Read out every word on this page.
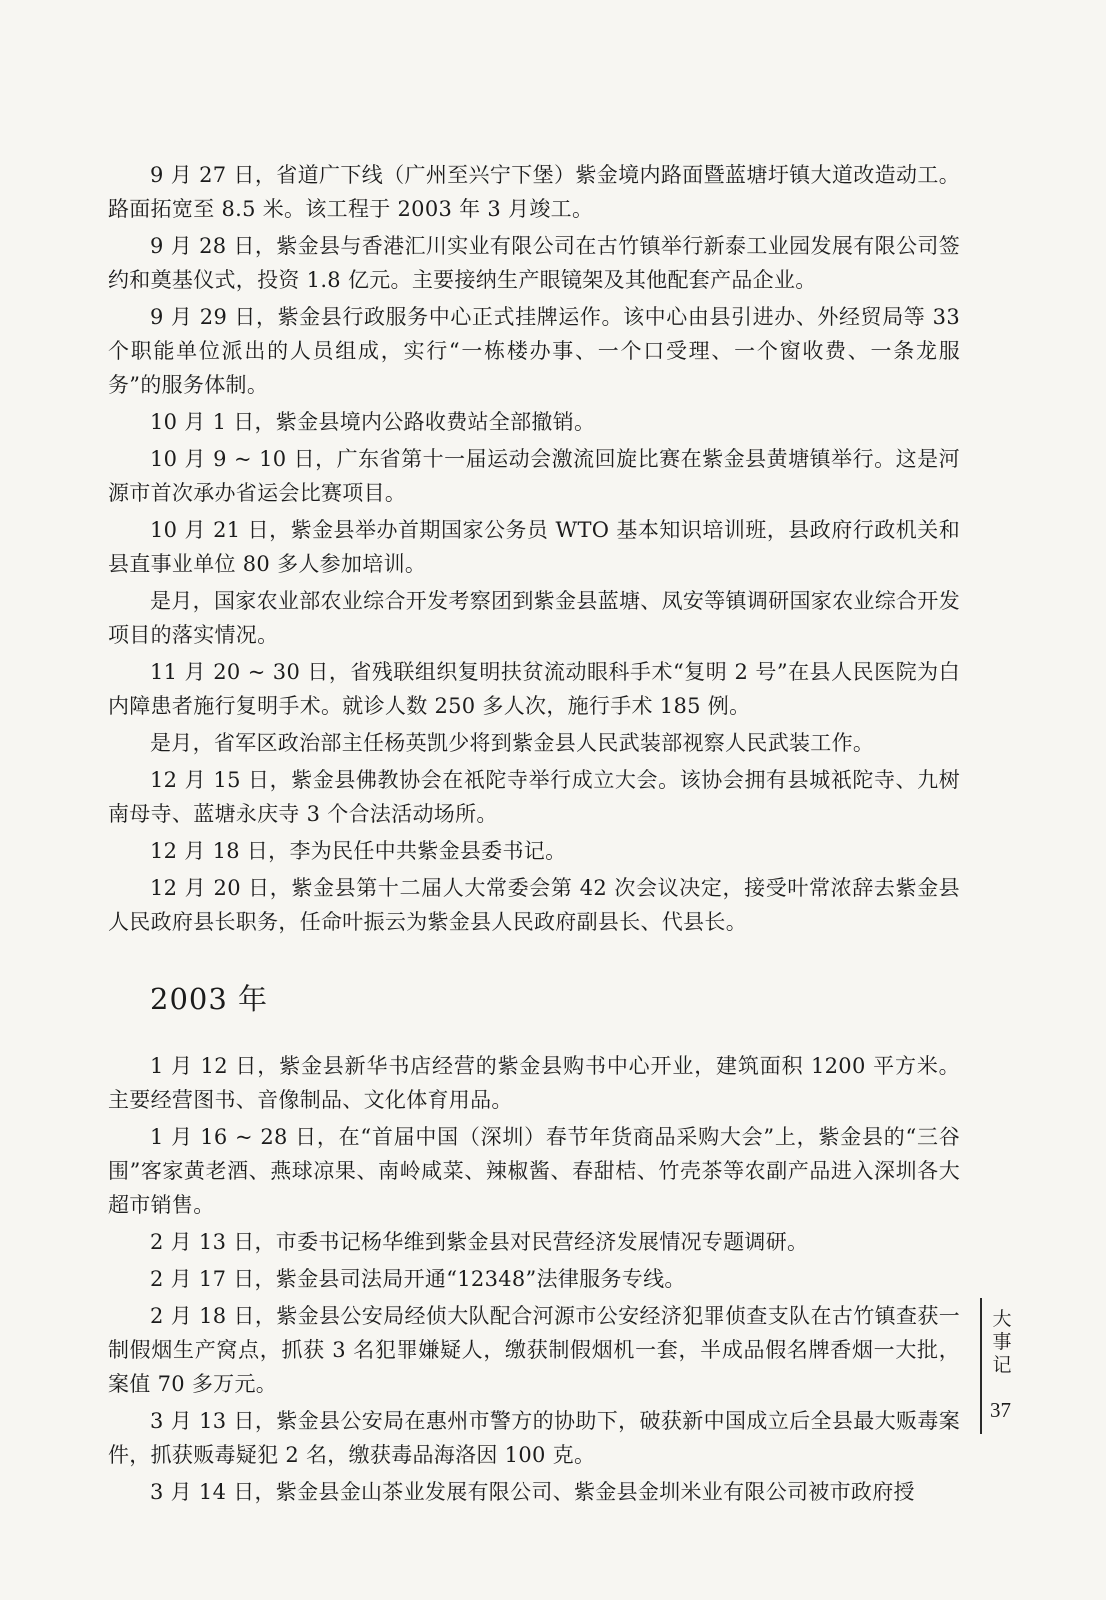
9 月 27 日，省道广下线（广州至兴宁下堡）紫金境内路面暨蓝塘圩镇大道改造动工。路面拓宽至 8.5 米。该工程于 2003 年 3 月竣工。

9 月 28 日，紫金县与香港汇川实业有限公司在古竹镇举行新泰工业园发展有限公司签约和奠基仪式，投资 1.8 亿元。主要接纳生产眼镜架及其他配套产品企业。

9 月 29 日，紫金县行政服务中心正式挂牌运作。该中心由县引进办、外经贸局等 33 个职能单位派出的人员组成，实行“一栋楼办事、一个口受理、一个窗收费、一条龙服务”的服务体制。

10 月 1 日，紫金县境内公路收费站全部撤销。

10 月 9 ~ 10 日，广东省第十一届运动会激流回旋比赛在紫金县黄塘镇举行。这是河源市首次承办省运会比赛项目。

10 月 21 日，紫金县举办首期国家公务员 WTO 基本知识培训班，县政府行政机关和县直事业单位 80 多人参加培训。

是月，国家农业部农业综合开发考察团到紫金县蓝塘、凤安等镇调研国家农业综合开发项目的落实情况。

11 月 20 ~ 30 日，省残联组织复明扶贫流动眼科手术“复明 2 号”在县人民医院为白内障患者施行复明手术。就诊人数 250 多人次，施行手术 185 例。

是月，省军区政治部主任杨英凯少将到紫金县人民武装部视察人民武装工作。

12 月 15 日，紫金县佛教协会在祇陀寺举行成立大会。该协会拥有县城祇陀寺、九树南母寺、蓝塘永庆寺 3 个合法活动场所。

12 月 18 日，李为民任中共紫金县委书记。

12 月 20 日，紫金县第十二届人大常委会第 42 次会议决定，接受叶常浓辞去紫金县人民政府县长职务，任命叶振云为紫金县人民政府副县长、代县长。

2003 年

1 月 12 日，紫金县新华书店经营的紫金县购书中心开业，建筑面积 1200 平方米。主要经营图书、音像制品、文化体育用品。

1 月 16 ~ 28 日，在“首届中国（深圳）春节年货商品采购大会”上，紫金县的“三谷围”客家黄老酒、燕球凉果、南岭咸菜、辣椒酱、春甜桔、竹壳茶等农副产品进入深圳各大超市销售。

2 月 13 日，市委书记杨华维到紫金县对民营经济发展情况专题调研。

2 月 17 日，紫金县司法局开通“12348”法律服务专线。

2 月 18 日，紫金县公安局经侦大队配合河源市公安经济犯罪侦查支队在古竹镇查获一制假烟生产窝点，抓获 3 名犯罪嫌疑人，缴获制假烟机一套，半成品假名牌香烟一大批，案值 70 多万元。

3 月 13 日，紫金县公安局在惠州市警方的协助下，破获新中国成立后全县最大贩毒案件，抓获贩毒疑犯 2 名，缴获毒品海洛因 100 克。

3 月 14 日，紫金县金山茶业发展有限公司、紫金县金圳米业有限公司被市政府授

大事记
37
